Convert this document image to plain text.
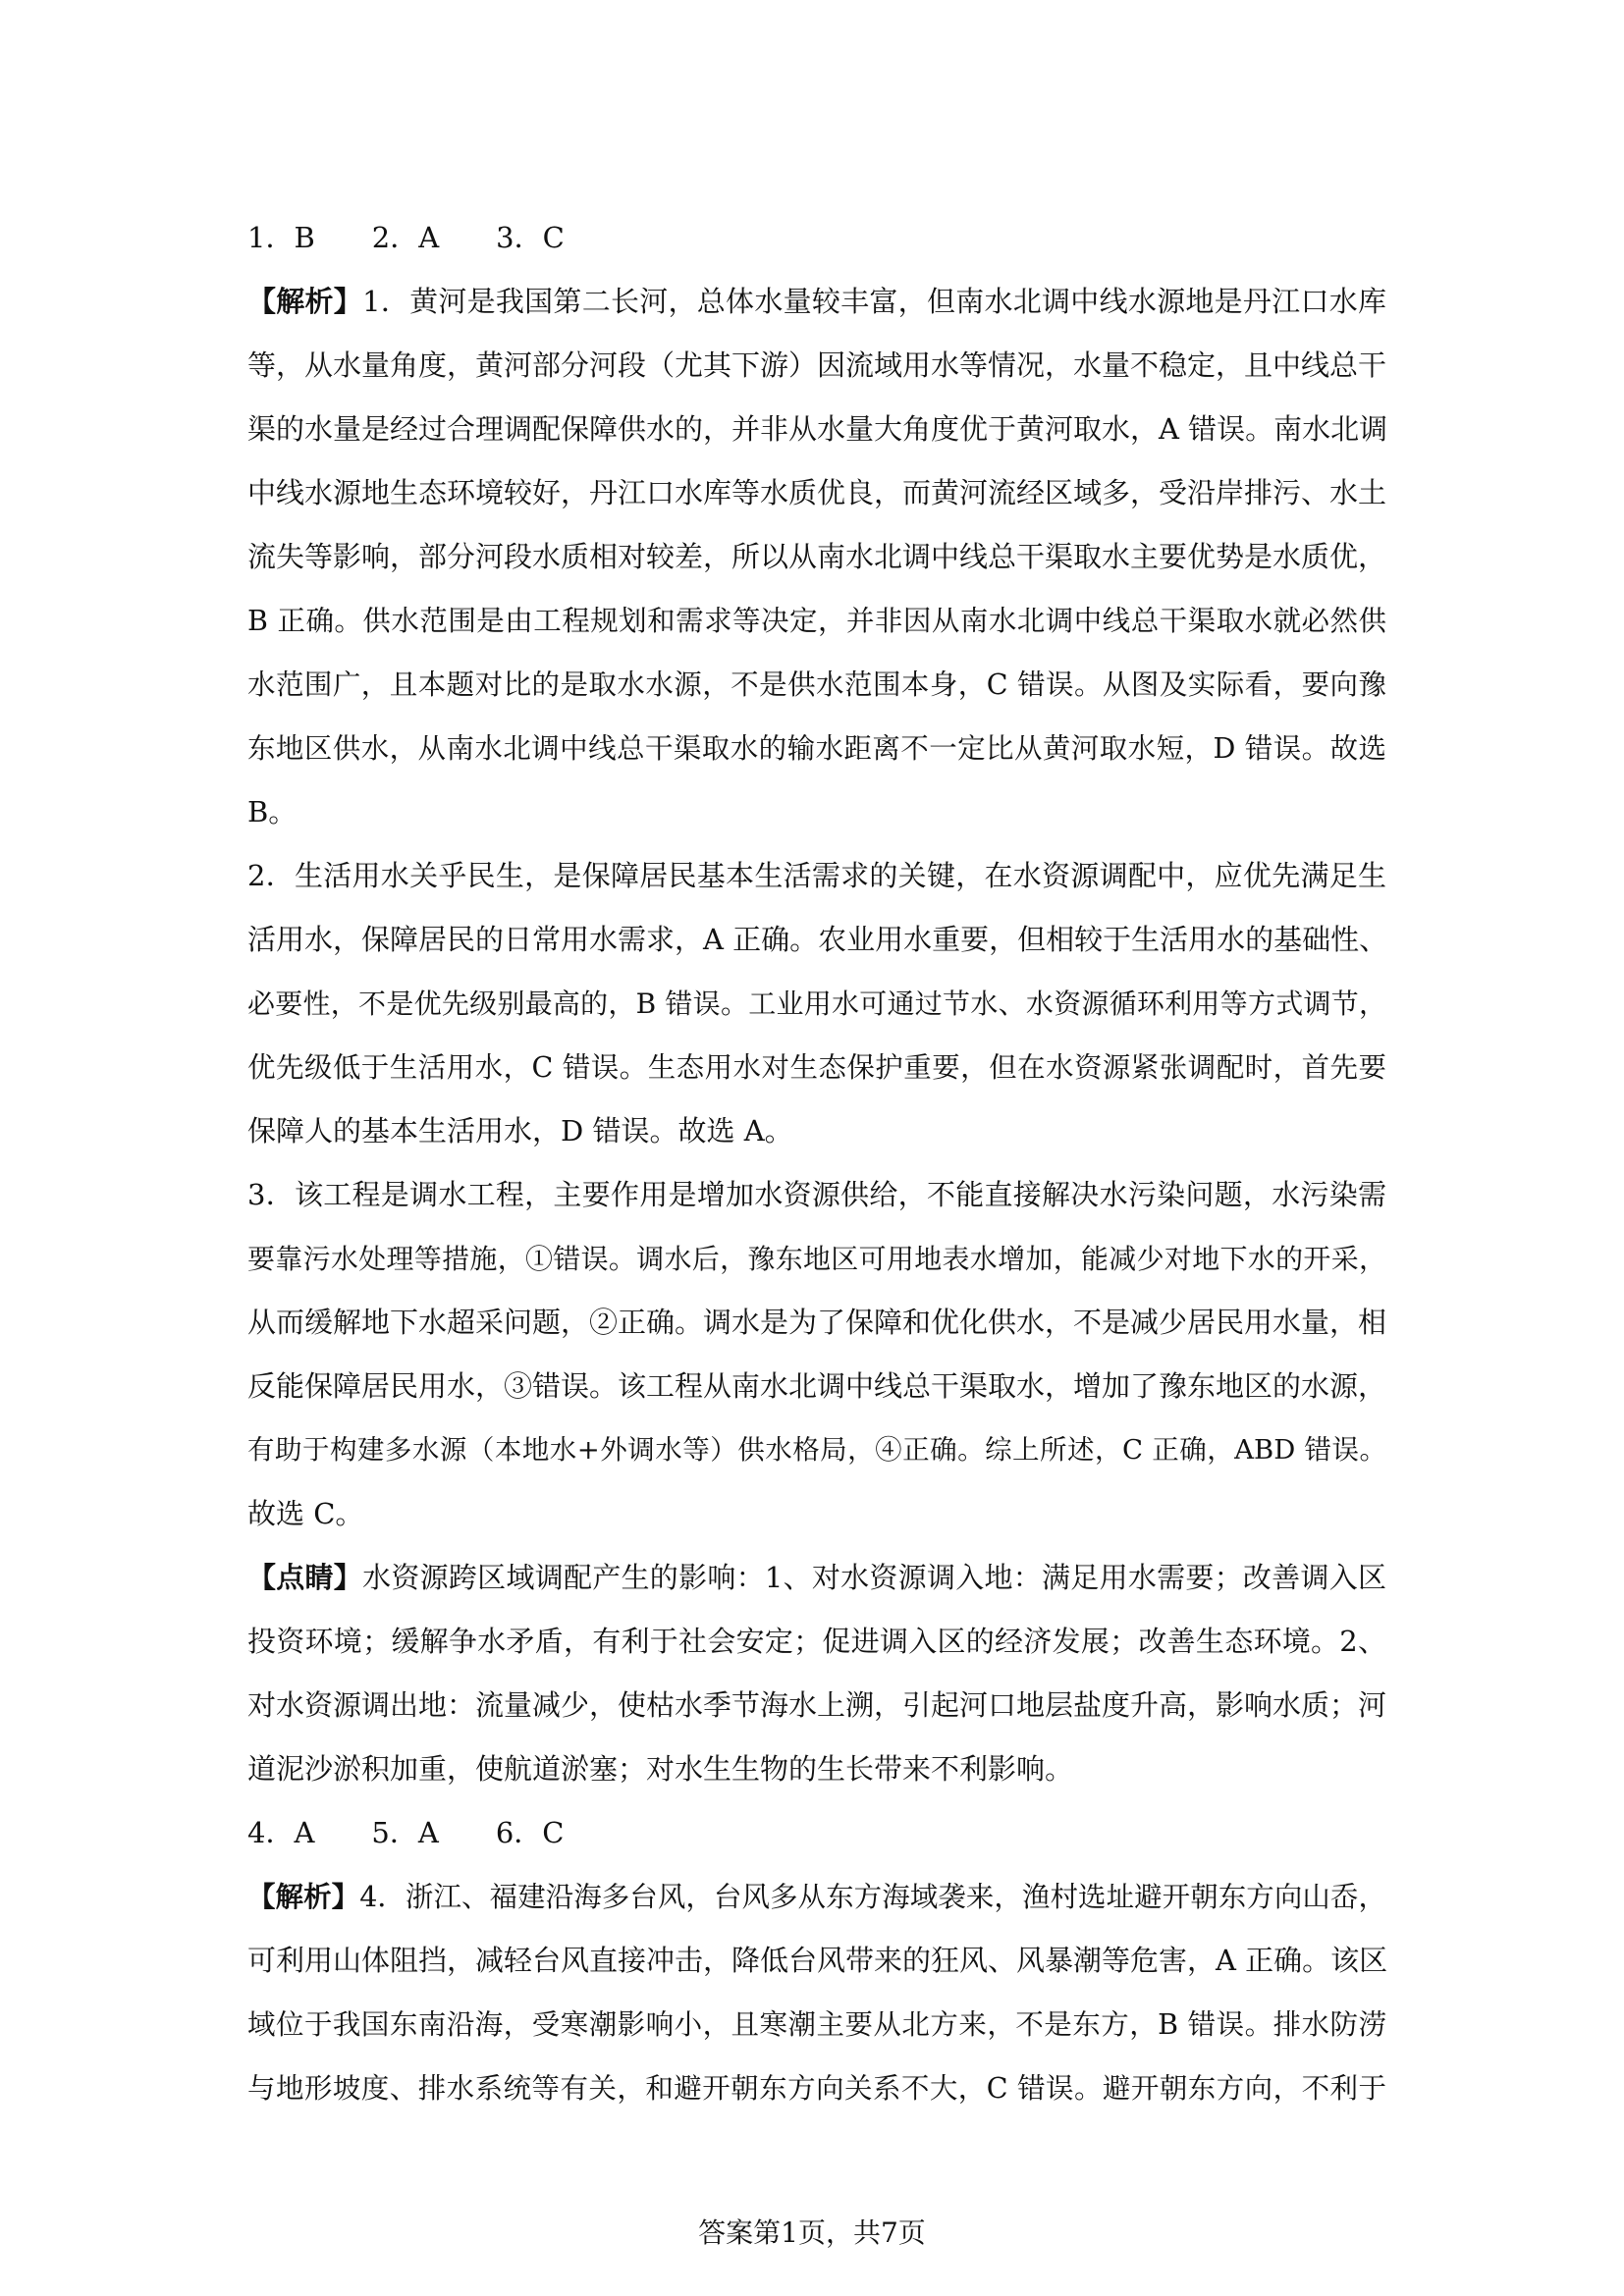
1．B 2．A 3．C
【解析】1．黄河是我国第二长河，总体水量较丰富，但南水北调中线水源地是丹江口水库
等，从水量角度，黄河部分河段（尤其下游）因流域用水等情况，水量不稳定，且中线总干
渠的水量是经过合理调配保障供水的，并非从水量大角度优于黄河取水，A 错误。南水北调
中线水源地生态环境较好，丹江口水库等水质优良，而黄河流经区域多，受沿岸排污、水土
流失等影响，部分河段水质相对较差，所以从南水北调中线总干渠取水主要优势是水质优，
B 正确。供水范围是由工程规划和需求等决定，并非因从南水北调中线总干渠取水就必然供
水范围广，且本题对比的是取水水源，不是供水范围本身，C 错误。从图及实际看，要向豫
东地区供水，从南水北调中线总干渠取水的输水距离不一定比从黄河取水短，D 错误。故选
B。
2．生活用水关乎民生，是保障居民基本生活需求的关键，在水资源调配中，应优先满足生
活用水，保障居民的日常用水需求，A 正确。农业用水重要，但相较于生活用水的基础性、
必要性，不是优先级别最高的，B 错误。工业用水可通过节水、水资源循环利用等方式调节，
优先级低于生活用水，C 错误。生态用水对生态保护重要，但在水资源紧张调配时，首先要
保障人的基本生活用水，D 错误。故选 A。
3．该工程是调水工程，主要作用是增加水资源供给，不能直接解决水污染问题，水污染需
要靠污水处理等措施，①错误。调水后，豫东地区可用地表水增加，能减少对地下水的开采，
从而缓解地下水超采问题，②正确。调水是为了保障和优化供水，不是减少居民用水量，相
反能保障居民用水，③错误。该工程从南水北调中线总干渠取水，增加了豫东地区的水源，
有助于构建多水源（本地水+外调水等）供水格局，④正确。综上所述，C 正确，ABD 错误。
故选 C。
【点睛】水资源跨区域调配产生的影响：1、对水资源调入地：满足用水需要；改善调入区
投资环境；缓解争水矛盾，有利于社会安定；促进调入区的经济发展；改善生态环境。2、
对水资源调出地：流量减少，使枯水季节海水上溯，引起河口地层盐度升高，影响水质；河
道泥沙淤积加重，使航道淤塞；对水生生物的生长带来不利影响。
4．A 5．A 6．C
【解析】4．浙江、福建沿海多台风，台风多从东方海域袭来，渔村选址避开朝东方向山岙，
可利用山体阻挡，减轻台风直接冲击，降低台风带来的狂风、风暴潮等危害，A 正确。该区
域位于我国东南沿海，受寒潮影响小，且寒潮主要从北方来，不是东方，B 错误。排水防涝
与地形坡度、排水系统等有关，和避开朝东方向关系不大，C 错误。避开朝东方向，不利于
答案第1页，共7页
